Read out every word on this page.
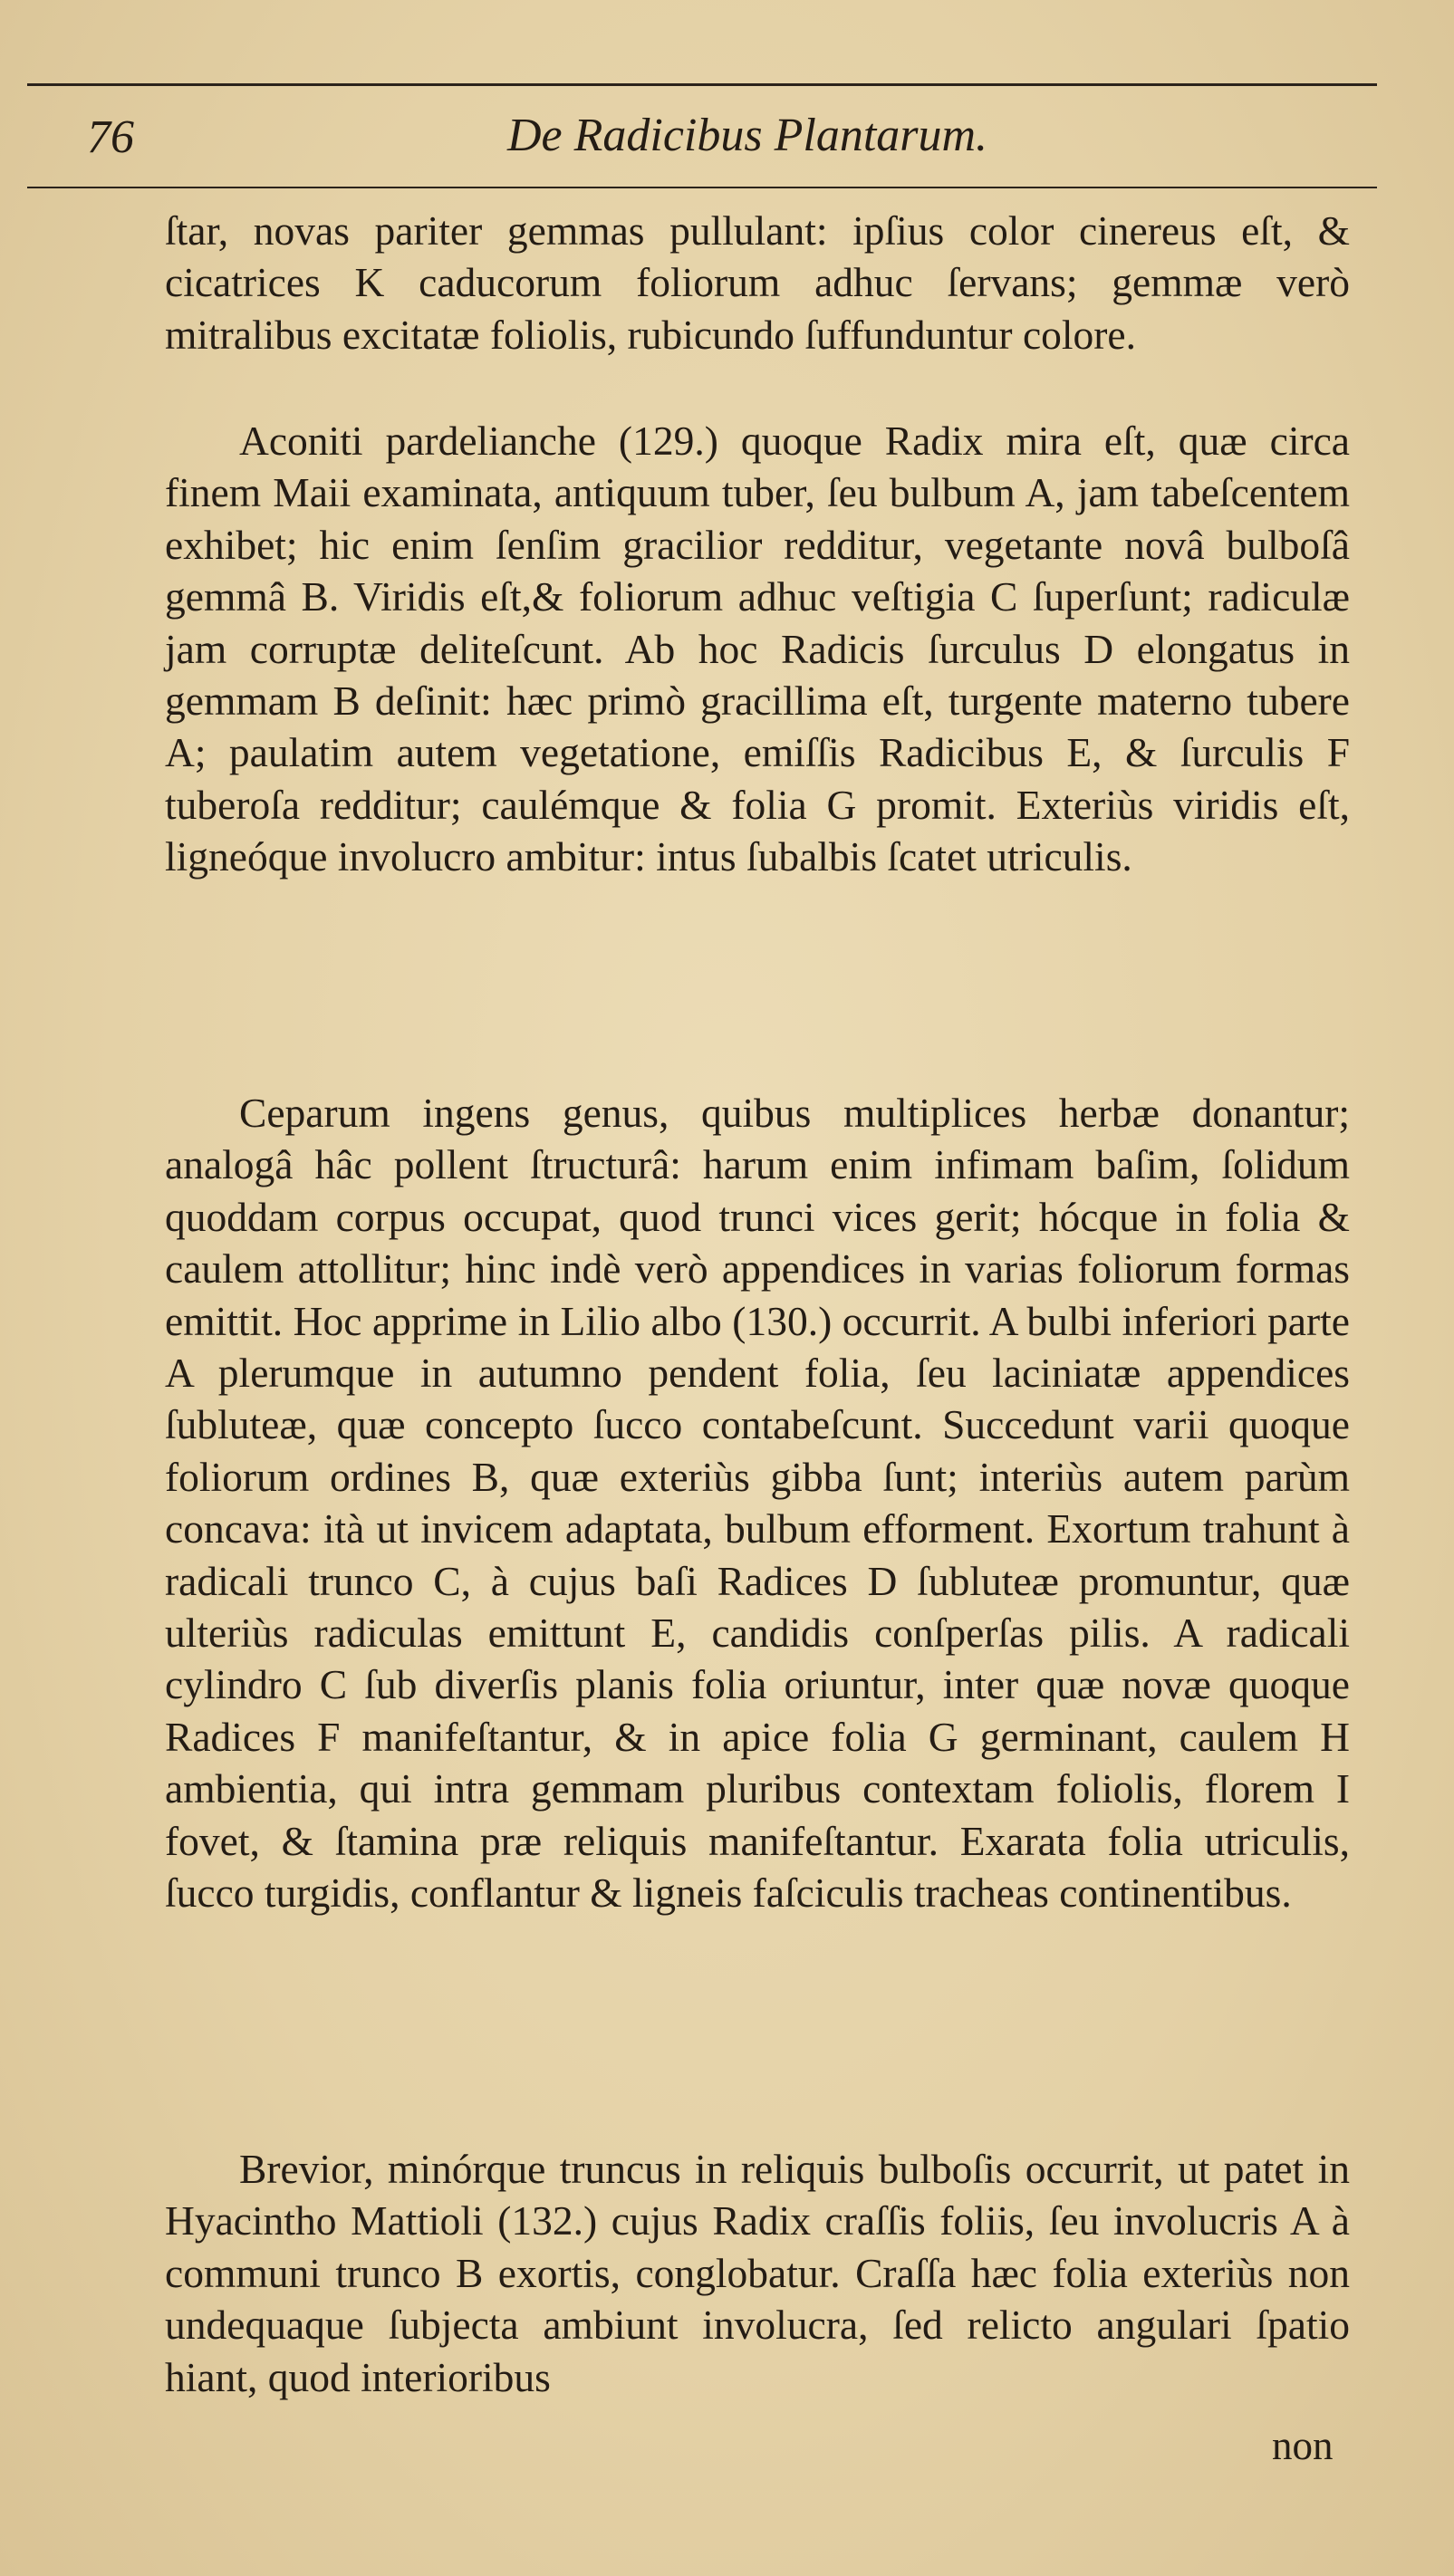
76	De Radicibus Plantarum.

ſtar, novas pariter gemmas pullulant: ipſius color cinereus eſt, & cicatrices K caducorum foliorum adhuc ſervans; gemmæ verò mitralibus excitatæ foliolis, rubicundo ſuffunduntur colore.

Aconiti pardelianche (129.) quoque Radix mira eſt, quæ circa finem Maii examinata, antiquum tuber, ſeu bulbum A, jam tabeſcentem exhibet; hic enim ſenſim gracilior redditur, vegetante novâ bulboſâ gemmâ B. Viridis eſt,& foliorum adhuc veſtigia C ſuperſunt; radiculæ jam corruptæ deliteſcunt. Ab hoc Radicis ſurculus D elongatus in gemmam B deſinit: hæc primò gracillima eſt, turgente materno tubere A; paulatim autem vegetatione, emiſſis Radicibus E, & ſurculis F tuberoſa redditur; caulémque & folia G promit. Exteriùs viridis eſt, ligneóque involucro ambitur: intus ſubalbis ſcatet utriculis.

Ceparum ingens genus, quibus multiplices herbæ donantur; analogâ hâc pollent ſtructurâ: harum enim infimam baſim, ſolidum quoddam corpus occupat, quod trunci vices gerit; hócque in folia & caulem attollitur; hinc indè verò appendices in varias foliorum formas emittit. Hoc apprime in Lilio albo (130.) occurrit. A bulbi inferiori parte A plerumque in autumno pendent folia, ſeu laciniatæ appendices ſubluteæ, quæ concepto ſucco contabeſcunt. Succedunt varii quoque foliorum ordines B, quæ exteriùs gibba ſunt; interiùs autem parùm concava: ità ut invicem adaptata, bulbum efforment. Exortum trahunt à radicali trunco C, à cujus baſi Radices D ſubluteæ promuntur, quæ ulteriùs radiculas emittunt E, candidis conſperſas pilis. A radicali cylindro C ſub diverſis planis folia oriuntur, inter quæ novæ quoque Radices F manifeſtantur, & in apice folia G germinant, caulem H ambientia, qui intra gemmam pluribus contextam foliolis, florem I fovet, & ſtamina præ reliquis manifeſtantur. Exarata folia utriculis, ſucco turgidis, conflantur & ligneis faſciculis tracheas continentibus.

Brevior, minórque truncus in reliquis bulboſis occurrit, ut patet in Hyacintho Mattioli (132.) cujus Radix craſſis foliis, ſeu involucris A à communi trunco B exortis, conglobatur. Craſſa hæc folia exteriùs non undequaque ſubjecta ambiunt involucra, ſed relicto angulari ſpatio hiant, quod interioribus

non
